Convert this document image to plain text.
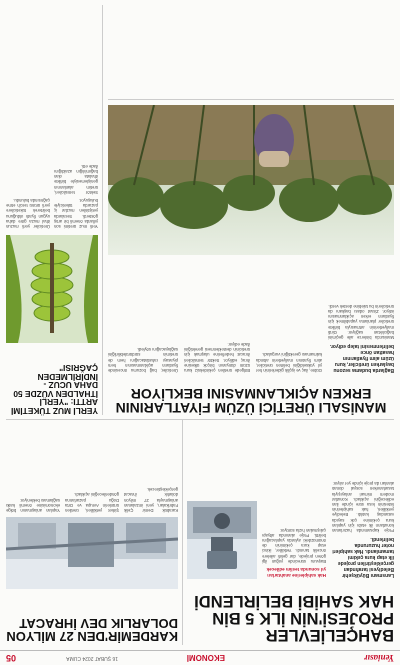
Yeniasır
EKONOMİ
16 ŞUBAT 2024 CUMA
05
BAHÇELİEVLER PROJESİ'NİN İLK 5 BİN HAK SAHİBİ BELİRLENDİ

Lansmanı Büyükşehir Belediyesi tarafından gerçekleştirilen projede ilk etap kura çekimi tamamlandı. Hak sahipleri noter huzurunda belirlendi.

Proje kapsamında hazırlanan konutların ilk etabı için yapılan kura çekimine çok sayıda vatandaş katıldı. Belediye yetkilileri, hak sahiplerinin listesinin kısa süre içinde ilan edileceğini açıkladı. Konutlar modern mimari anlayışıyla tasarlanırken sosyal donatı alanları da proje içinde yer alıyor.

Hak sahiplerine anahtarları yıl sonunda teslim edilecek

Başvuru sürecinde yoğun ilgi gören projede, dar gelirli ailelere öncelik tanındı. Yetkililer, ikinci etap kura çekiminin de önümüzdeki aylarda yapılacağını belirtti. Proje alanında altyapı çalışmaları hızla sürüyor.

KARDEMİR'DEN 27 MİLYON DOLARLIK DEV İHRACAT

Karabük Demir Çelik Fabrikaları, yeni imzalanan anlaşmayla 27 milyon dolarlık ihracat gerçekleştirecek.

Şirket yetkilileri, üretilen ürünlerin Avrupa ve Orta Doğu pazarlarına gönderileceğini açıkladı.

Yapılan anlaşmanın bölge ekonomisine önemli katkı sağlaması bekleniyor.

MANİSALI ÜRETİCİ ÜZÜM FİYATLARININ ERKEN AÇIKLANMASINI BEKLİYOR

Bağlarda budama sezonu başlarken üreticiler, kuru üzüm alım fiyatlarının hasattan önce belirlenmesini talep ediyor.

Manisa'da binlerce aile geçimini bağcılıktan sağlıyor. Girdi maliyetlerinin artmasıyla birlikte üreticiler planlama yapabilmek için fiyatların erken açıklanmasını istiyor. Ziraat odası başkanı da üreticilerin bu talebine destek verdi.

Gübre, ilaç ve işçilik giderlerinin her yıl yükseldiğini belirten üreticiler, alım fiyatının maliyetlerin altında kalmaması gerektiğini vurguladı.

Bölgede üretilen çekirdeksiz kuru üzüm dünyanın birçok ülkesine ihraç ediliyor. Sektör temsilcileri ihracat hedeflerine ulaşmak için üreticinin desteklenmesi gerektiğini ifade ediyor.

Üreticiler, bağ bozumu öncesinde fiyatların açıklanmasının hem piyasayı rahatlatacağını hem de üretimin sürdürülebilirliğini sağlayacağını söyledi.

YERLİ MUZ TÜKETİMİ ARTTI: "YERLİ İTHALDEN VÜZDE 50 DAHA UCUZ - İNDİRİLMEDEN ÇAĞRISI"

Yerli muz üretimi son yıllarda önemli bir artış gösterdi. Seralarda yetiştirilen muzlar iç pazarda tüketiciyle buluşuyor.

Sektör temsilcileri, üretim alanlarının genişlemesiyle birlikte ithalata olan bağımlılığın azaldığını ifade etti.

Üreticiler yerli muzun ithal muza göre daha uygun fiyatlı olduğunu belirterek tüketicilere yerli ürünü tercih etme çağrısında bulundu.
